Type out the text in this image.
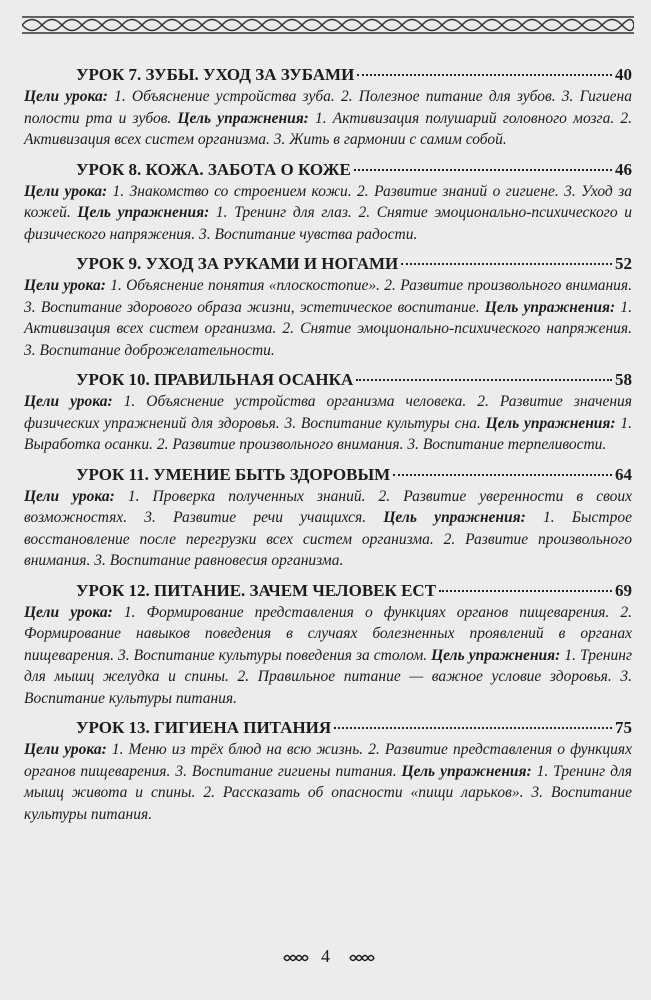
УРОК 7. ЗУБЫ. УХОД ЗА ЗУБАМИ	40

Цели урока: 1. Объяснение устройства зуба. 2. Полезное питание для зубов. 3. Гигиена полости рта и зубов. Цель упражнения: 1. Активизация полушарий головного мозга. 2. Активизация всех систем организма. 3. Жить в гармонии с самим собой.

УРОК 8. КОЖА. ЗАБОТА О КОЖЕ	46

Цели урока: 1. Знакомство со строением кожи. 2. Развитие знаний о гигиене. 3. Уход за кожей. Цель упражнения: 1. Тренинг для глаз. 2. Снятие эмоционально-психического и физического напряжения. 3. Воспитание чувства радости.

УРОК 9. УХОД ЗА РУКАМИ И НОГАМИ	52

Цели урока: 1. Объяснение понятия «плоскостопие». 2. Развитие произвольного внимания. 3. Воспитание здорового образа жизни, эстетическое воспитание. Цель упражнения: 1. Активизация всех систем организма. 2. Снятие эмоционально-психического напряжения. 3. Воспитание доброжелательности.

УРОК 10. ПРАВИЛЬНАЯ ОСАНКА	58

Цели урока: 1. Объяснение устройства организма человека. 2. Развитие значения физических упражнений для здоровья. 3. Воспитание культуры сна. Цель упражнения: 1. Выработка осанки. 2. Развитие произвольного внимания. 3. Воспитание терпеливости.

УРОК 11. УМЕНИЕ БЫТЬ ЗДОРОВЫМ	64

Цели урока: 1. Проверка полученных знаний. 2. Развитие уверенности в своих возможностях. 3. Развитие речи учащихся. Цель упражнения: 1. Быстрое восстановление после перегрузки всех систем организма. 2. Развитие произвольного внимания. 3. Воспитание равновесия организма.

УРОК 12. ПИТАНИЕ. ЗАЧЕМ ЧЕЛОВЕК ЕСТ	69

Цели урока: 1. Формирование представления о функциях органов пищеварения. 2. Формирование навыков поведения в случаях болезненных проявлений в органах пищеварения. 3. Воспитание культуры поведения за столом. Цель упражнения: 1. Тренинг для мышц желудка и спины. 2. Правильное питание — важное условие здоровья. 3. Воспитание культуры питания.

УРОК 13. ГИГИЕНА ПИТАНИЯ	75

Цели урока: 1. Меню из трёх блюд на всю жизнь. 2. Развитие представления о функциях органов пищеварения. 3. Воспитание гигиены питания. Цель упражнения: 1. Тренинг для мышц живота и спины. 2. Рассказать об опасности «пищи ларьков». 3. Воспитание культуры питания.

4
